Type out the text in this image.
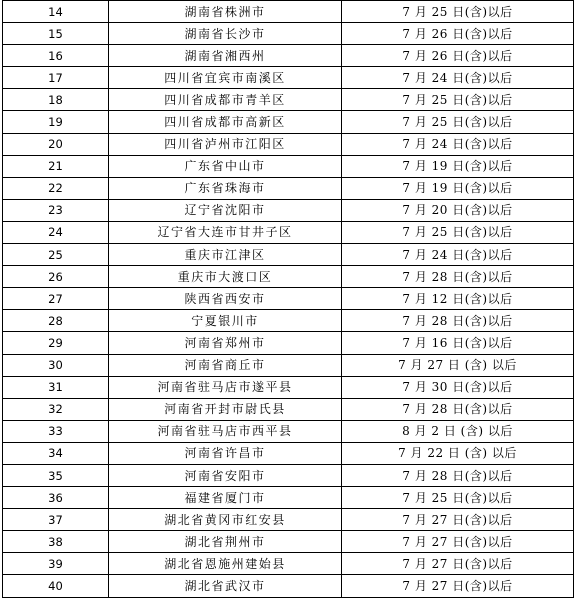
14	湖南省株洲市	7 月 25 日(含)以后
15	湖南省长沙市	7 月 26 日(含)以后
16	湖南省湘西州	7 月 26 日(含)以后
17	四川省宜宾市南溪区	7 月 24 日(含)以后
18	四川省成都市青羊区	7 月 25 日(含)以后
19	四川省成都市高新区	7 月 25 日(含)以后
20	四川省泸州市江阳区	7 月 24 日(含)以后
21	广东省中山市	7 月 19 日(含)以后
22	广东省珠海市	7 月 19 日(含)以后
23	辽宁省沈阳市	7 月 20 日(含)以后
24	辽宁省大连市甘井子区	7 月 25 日(含)以后
25	重庆市江津区	7 月 24 日(含)以后
26	重庆市大渡口区	7 月 28 日(含)以后
27	陕西省西安市	7 月 12 日(含)以后
28	宁夏银川市	7 月 28 日(含)以后
29	河南省郑州市	7 月 16 日(含)以后
30	河南省商丘市	7 月 27 日 (含) 以后
31	河南省驻马店市遂平县	7 月 30 日(含)以后
32	河南省开封市尉氏县	7 月 28 日(含)以后
33	河南省驻马店市西平县	8 月 2 日 (含) 以后
34	河南省许昌市	7 月 22 日 (含) 以后
35	河南省安阳市	7 月 28 日(含)以后
36	福建省厦门市	7 月 25 日(含)以后
37	湖北省黄冈市红安县	7 月 27 日(含)以后
38	湖北省荆州市	7 月 27 日(含)以后
39	湖北省恩施州建始县	7 月 27 日(含)以后
40	湖北省武汉市	7 月 27 日(含)以后
